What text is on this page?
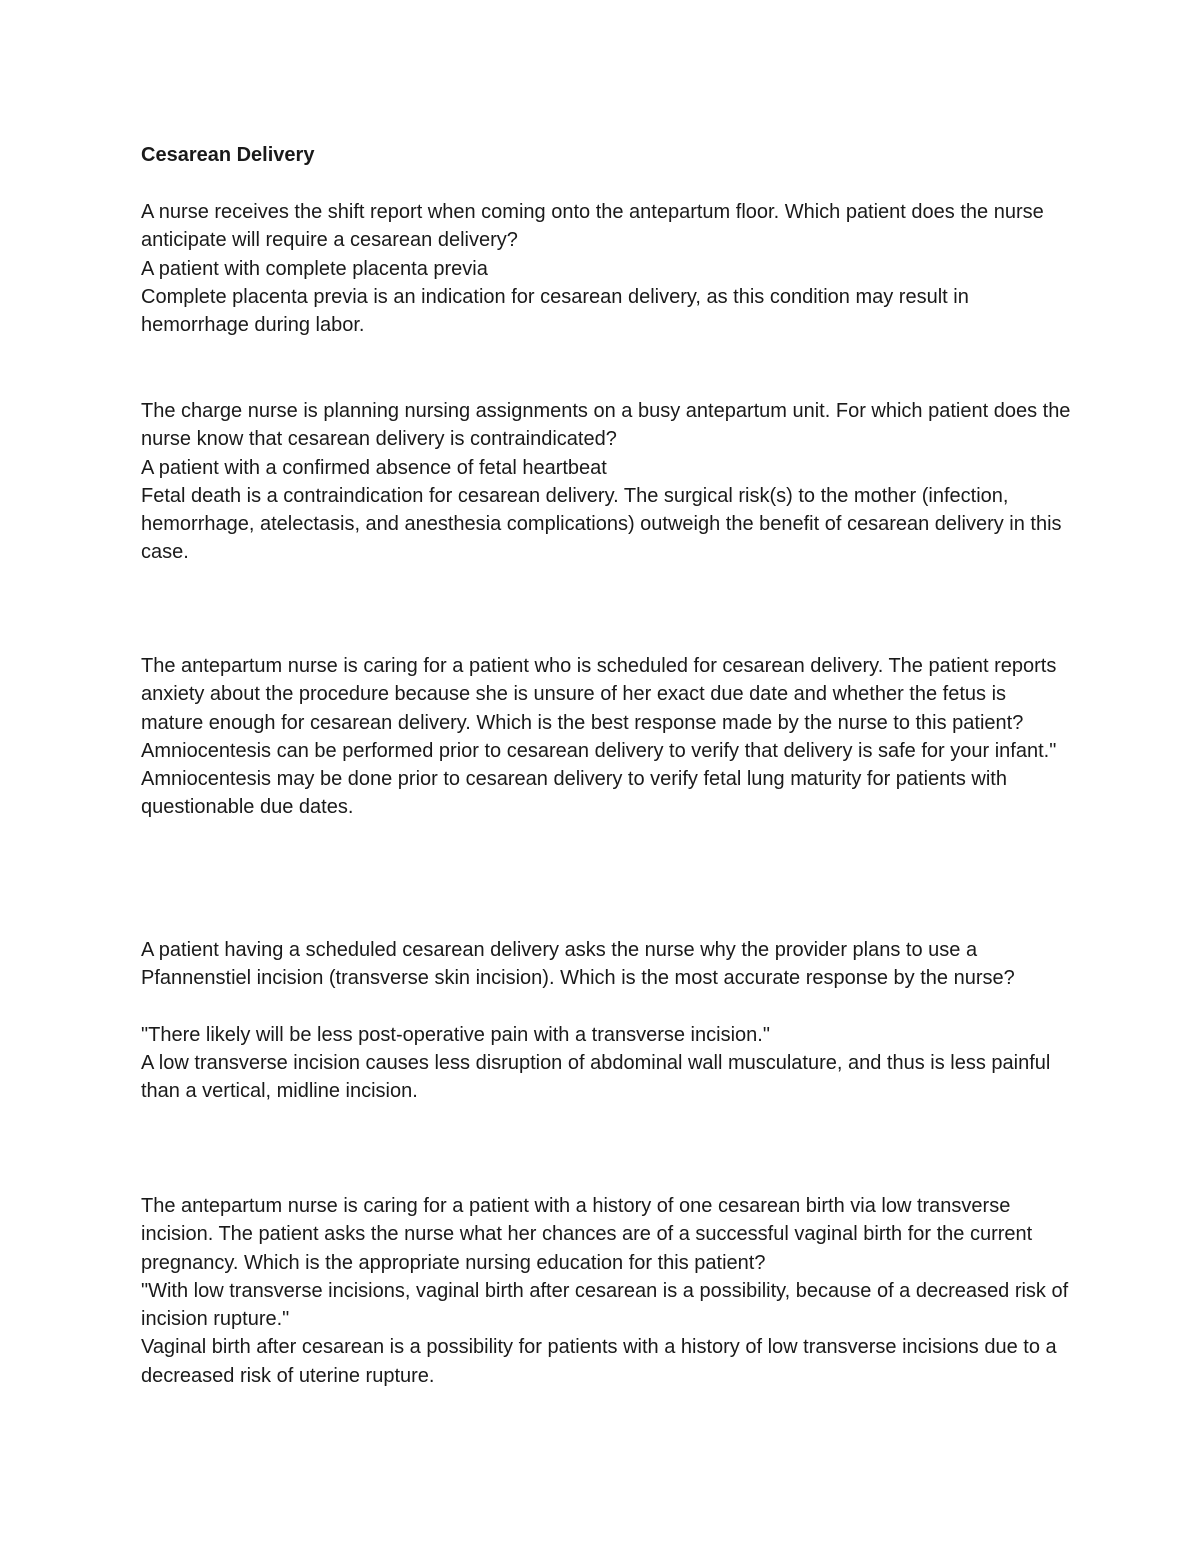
Cesarean Delivery

A nurse receives the shift report when coming onto the antepartum floor. Which patient does the nurse anticipate will require a cesarean delivery?

A patient with complete placenta previa

Complete placenta previa is an indication for cesarean delivery, as this condition may result in hemorrhage during labor.

The charge nurse is planning nursing assignments on a busy antepartum unit. For which patient does the nurse know that cesarean delivery is contraindicated?

A patient with a confirmed absence of fetal heartbeat

Fetal death is a contraindication for cesarean delivery. The surgical risk(s) to the mother (infection, hemorrhage, atelectasis, and anesthesia complications) outweigh the benefit of cesarean delivery in this case.

The antepartum nurse is caring for a patient who is scheduled for cesarean delivery. The patient reports anxiety about the procedure because she is unsure of her exact due date and whether the fetus is mature enough for cesarean delivery. Which is the best response made by the nurse to this patient?

Amniocentesis can be performed prior to cesarean delivery to verify that delivery is safe for your infant."

Amniocentesis may be done prior to cesarean delivery to verify fetal lung maturity for patients with questionable due dates.

A patient having a scheduled cesarean delivery asks the nurse why the provider plans to use a Pfannenstiel incision (transverse skin incision). Which is the most accurate response by the nurse?

"There likely will be less post-operative pain with a transverse incision."

A low transverse incision causes less disruption of abdominal wall musculature, and thus is less painful than a vertical, midline incision.

The antepartum nurse is caring for a patient with a history of one cesarean birth via low transverse incision. The patient asks the nurse what her chances are of a successful vaginal birth for the current pregnancy. Which is the appropriate nursing education for this patient?

"With low transverse incisions, vaginal birth after cesarean is a possibility, because of a decreased risk of incision rupture."

Vaginal birth after cesarean is a possibility for patients with a history of low transverse incisions due to a decreased risk of uterine rupture.
